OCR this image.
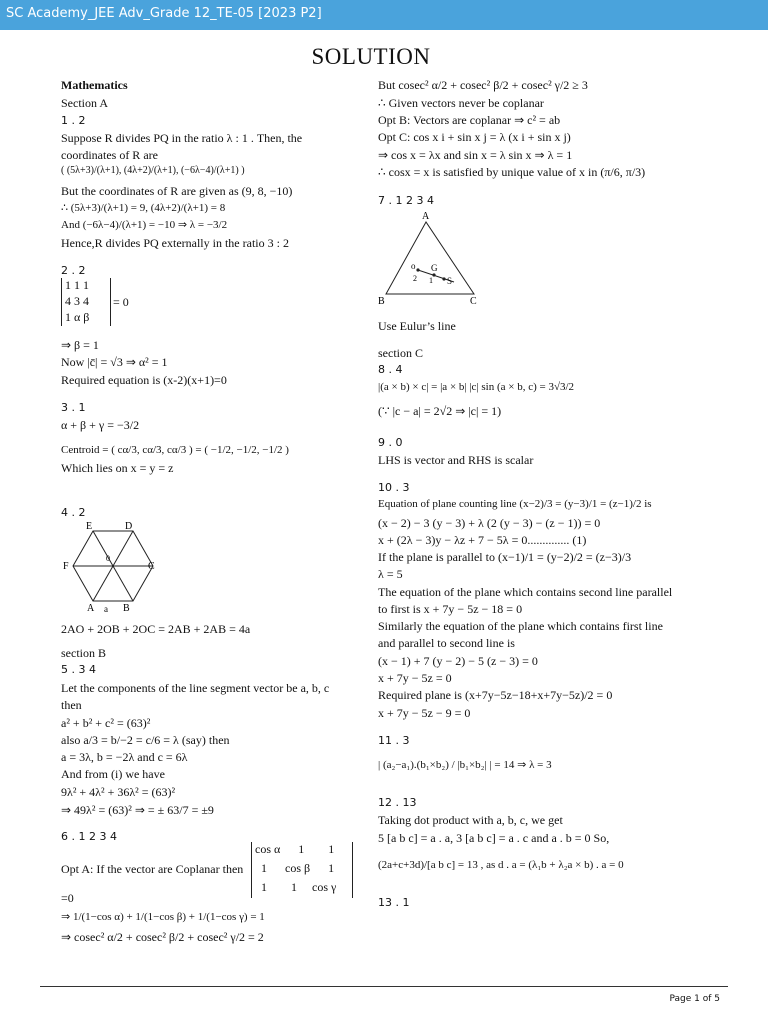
SC Academy_JEE Adv_Grade 12_TE-05 [2023 P2]
SOLUTION
Mathematics
Section A
1 . 2
Suppose R divides PQ in the ratio λ : 1 . Then, the
coordinates of R are
( (5λ+3)/(λ+1), (4λ+2)/(λ+1), (−6λ−4)/(λ+1) )
But the coordinates of R are given as (9, 8, −10)
∴ (5λ+3)/(λ+1) = 9, (4λ+2)/(λ+1) = 8
And (−6λ−4)/(λ+1) = −10 ⇒ λ = −3/2
Hence,R divides PQ externally in the ratio 3 : 2
2 . 2
1 1 1
4 3 4
1 α β
= 0
⇒ β = 1
Now |c̄| = √3 ⇒ α² = 1
Required equation is (x-2)(x+1)=0
3 . 1
α + β + γ = −3/2
Centroid = ( cα/3, cα/3, cα/3 ) = ( −1/2, −1/2, −1/2 )
Which lies on x = y = z
4 . 2
E	D
F	C
0
A a B
2AO + 2OB + 2OC = 2AB + 2AB = 4a
section B
5 . 3 4
Let the components of the line segment vector be a, b, c
then
a² + b² + c² = (63)²
also a/3 = b/−2 = c/6 = λ (say) then
a = 3λ, b = −2λ and c = 6λ
And from (i) we have
9λ² + 4λ² + 36λ² = (63)²
⇒ 49λ² = (63)² ⇒ = ± 63/7 = ±9
6 . 1 2 3 4
Opt A: If the vector are Coplanar then
cos α      1        1
1      cos β      1
1        1     cos γ
=0
⇒ 1/(1−cos α) + 1/(1−cos β) + 1/(1−cos γ) = 1
⇒ cosec² α/2 + cosec² β/2 + cosec² γ/2 = 2
But cosec² α/2 + cosec² β/2 + cosec² γ/2 ≥ 3
∴ Given vectors never be coplanar
Opt B: Vectors are coplanar ⇒ c² = ab
Opt C: cos x i + sin x j = λ (x i + sin x j)
⇒ cos x = λx and sin x = λ sin x ⇒ λ = 1
∴ cosx = x is satisfied by unique value of x in (π/6, π/3)
7 . 1 2 3 4
A
B	C
o G
S
2 1
Use Eulur’s line
section C
8 . 4
|(a × b) × c| = |a × b| |c| sin (a × b, c) = 3√3/2
(∵ |c − a| = 2√2 ⇒ |c| = 1)
9 . 0
LHS is vector and RHS is scalar
10 . 3
Equation of plane counting line (x−2)/3 = (y−3)/1 = (z−1)/2 is
(x − 2) − 3 (y − 3) + λ (2 (y − 3) − (z − 1)) = 0
x + (2λ − 3)y − λz + 7 − 5λ = 0.............. (1)
If the plane is parallel to (x−1)/1 = (y−2)/2 = (z−3)/3
λ = 5
The equation of the plane which contains second line parallel
to first is x + 7y − 5z − 18 = 0
Similarly the equation of the plane which contains first line
and parallel to second line is
(x − 1) + 7 (y − 2) − 5 (z − 3) = 0
x + 7y − 5z = 0
Required plane is (x+7y−5z−18+x+7y−5z)/2 = 0
x + 7y − 5z − 9 = 0
11 . 3
| (a₂−a₁).(b₁×b₂) / |b₁×b₂| | = 14 ⇒ λ = 3
12 . 13
Taking dot product with a, b, c, we get
5 [a b c] = a . a, 3 [a b c] = a . c and a . b = 0 So,
(2a+c+3d)/[a b c] = 13 , as d . a = (λ₁b + λ₂a × b) . a = 0
13 . 1
Page 1 of 5
